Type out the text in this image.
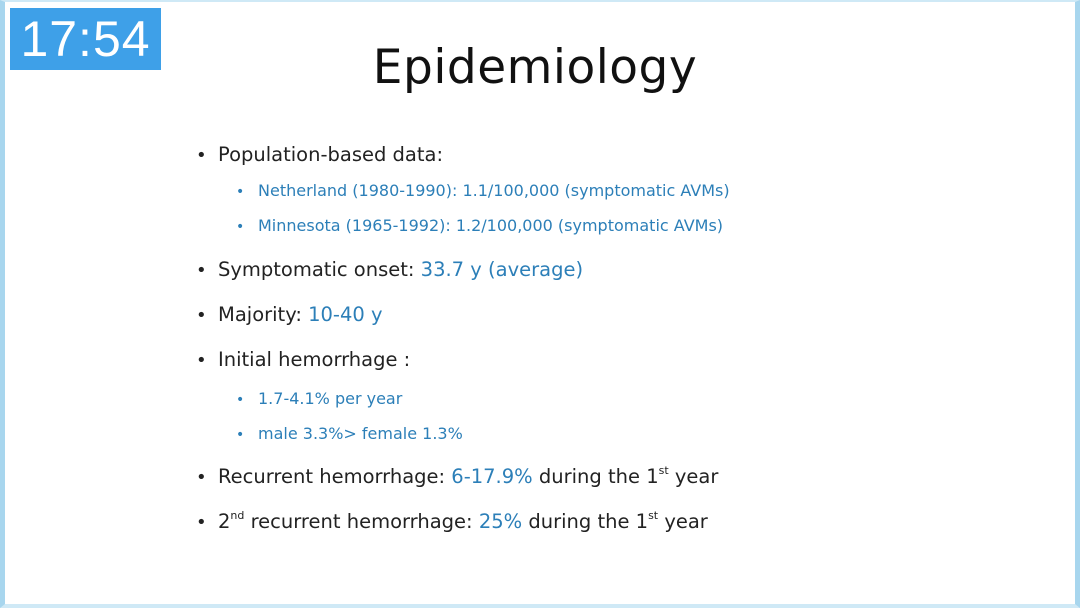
17:54
Epidemiology
• Population-based data:
• Netherland (1980-1990): 1.1/100,000 (symptomatic AVMs)
• Minnesota (1965-1992): 1.2/100,000 (symptomatic AVMs)
• Symptomatic onset: 33.7 y (average)
• Majority: 10-40 y
• Initial hemorrhage :
• 1.7-4.1% per year
• male 3.3%> female 1.3%
• Recurrent hemorrhage: 6-17.9% during the 1st year
• 2nd recurrent hemorrhage: 25% during the 1st year
